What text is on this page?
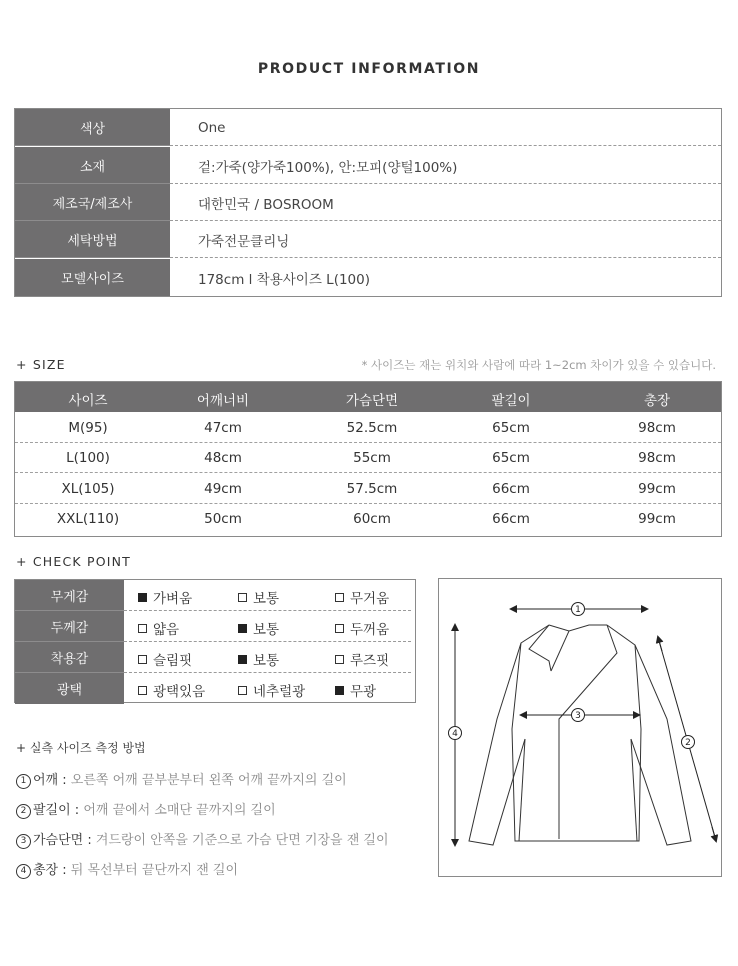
PRODUCT INFORMATION
색상	One
소재	겉:가죽(양가죽100%), 안:모피(양털100%)
제조국/제조사	대한민국 / BOSROOM
세탁방법	가죽전문클리닝
모델사이즈	178cm l 착용사이즈 L(100)
+ SIZE	* 사이즈는 재는 위치와 사람에 따라 1~2cm 차이가 있을 수 있습니다.
사이즈	어깨너비	가슴단면	팔길이	총장
M(95)	47cm	52.5cm	65cm	98cm
L(100)	48cm	55cm	65cm	98cm
XL(105)	49cm	57.5cm	66cm	99cm
XXL(110)	50cm	60cm	66cm	99cm
+ CHECK POINT
무게감	가벼움	보통	무거움
두께감	얇음	보통	두꺼움
착용감	슬림핏	보통	루즈핏
광택	광택있음	네추럴광	무광
+ 실측 사이즈 측정 방법
1 어깨 : 오른쪽 어깨 끝부분부터 왼쪽 어깨 끝까지의 길이
2 팔길이 : 어깨 끝에서 소매단 끝까지의 길이
3 가슴단면 : 겨드랑이 안쪽을 기준으로 가슴 단면 기장을 잰 길이
4 총장 : 뒤 목선부터 끝단까지 잰 길이
1
3
4
2
